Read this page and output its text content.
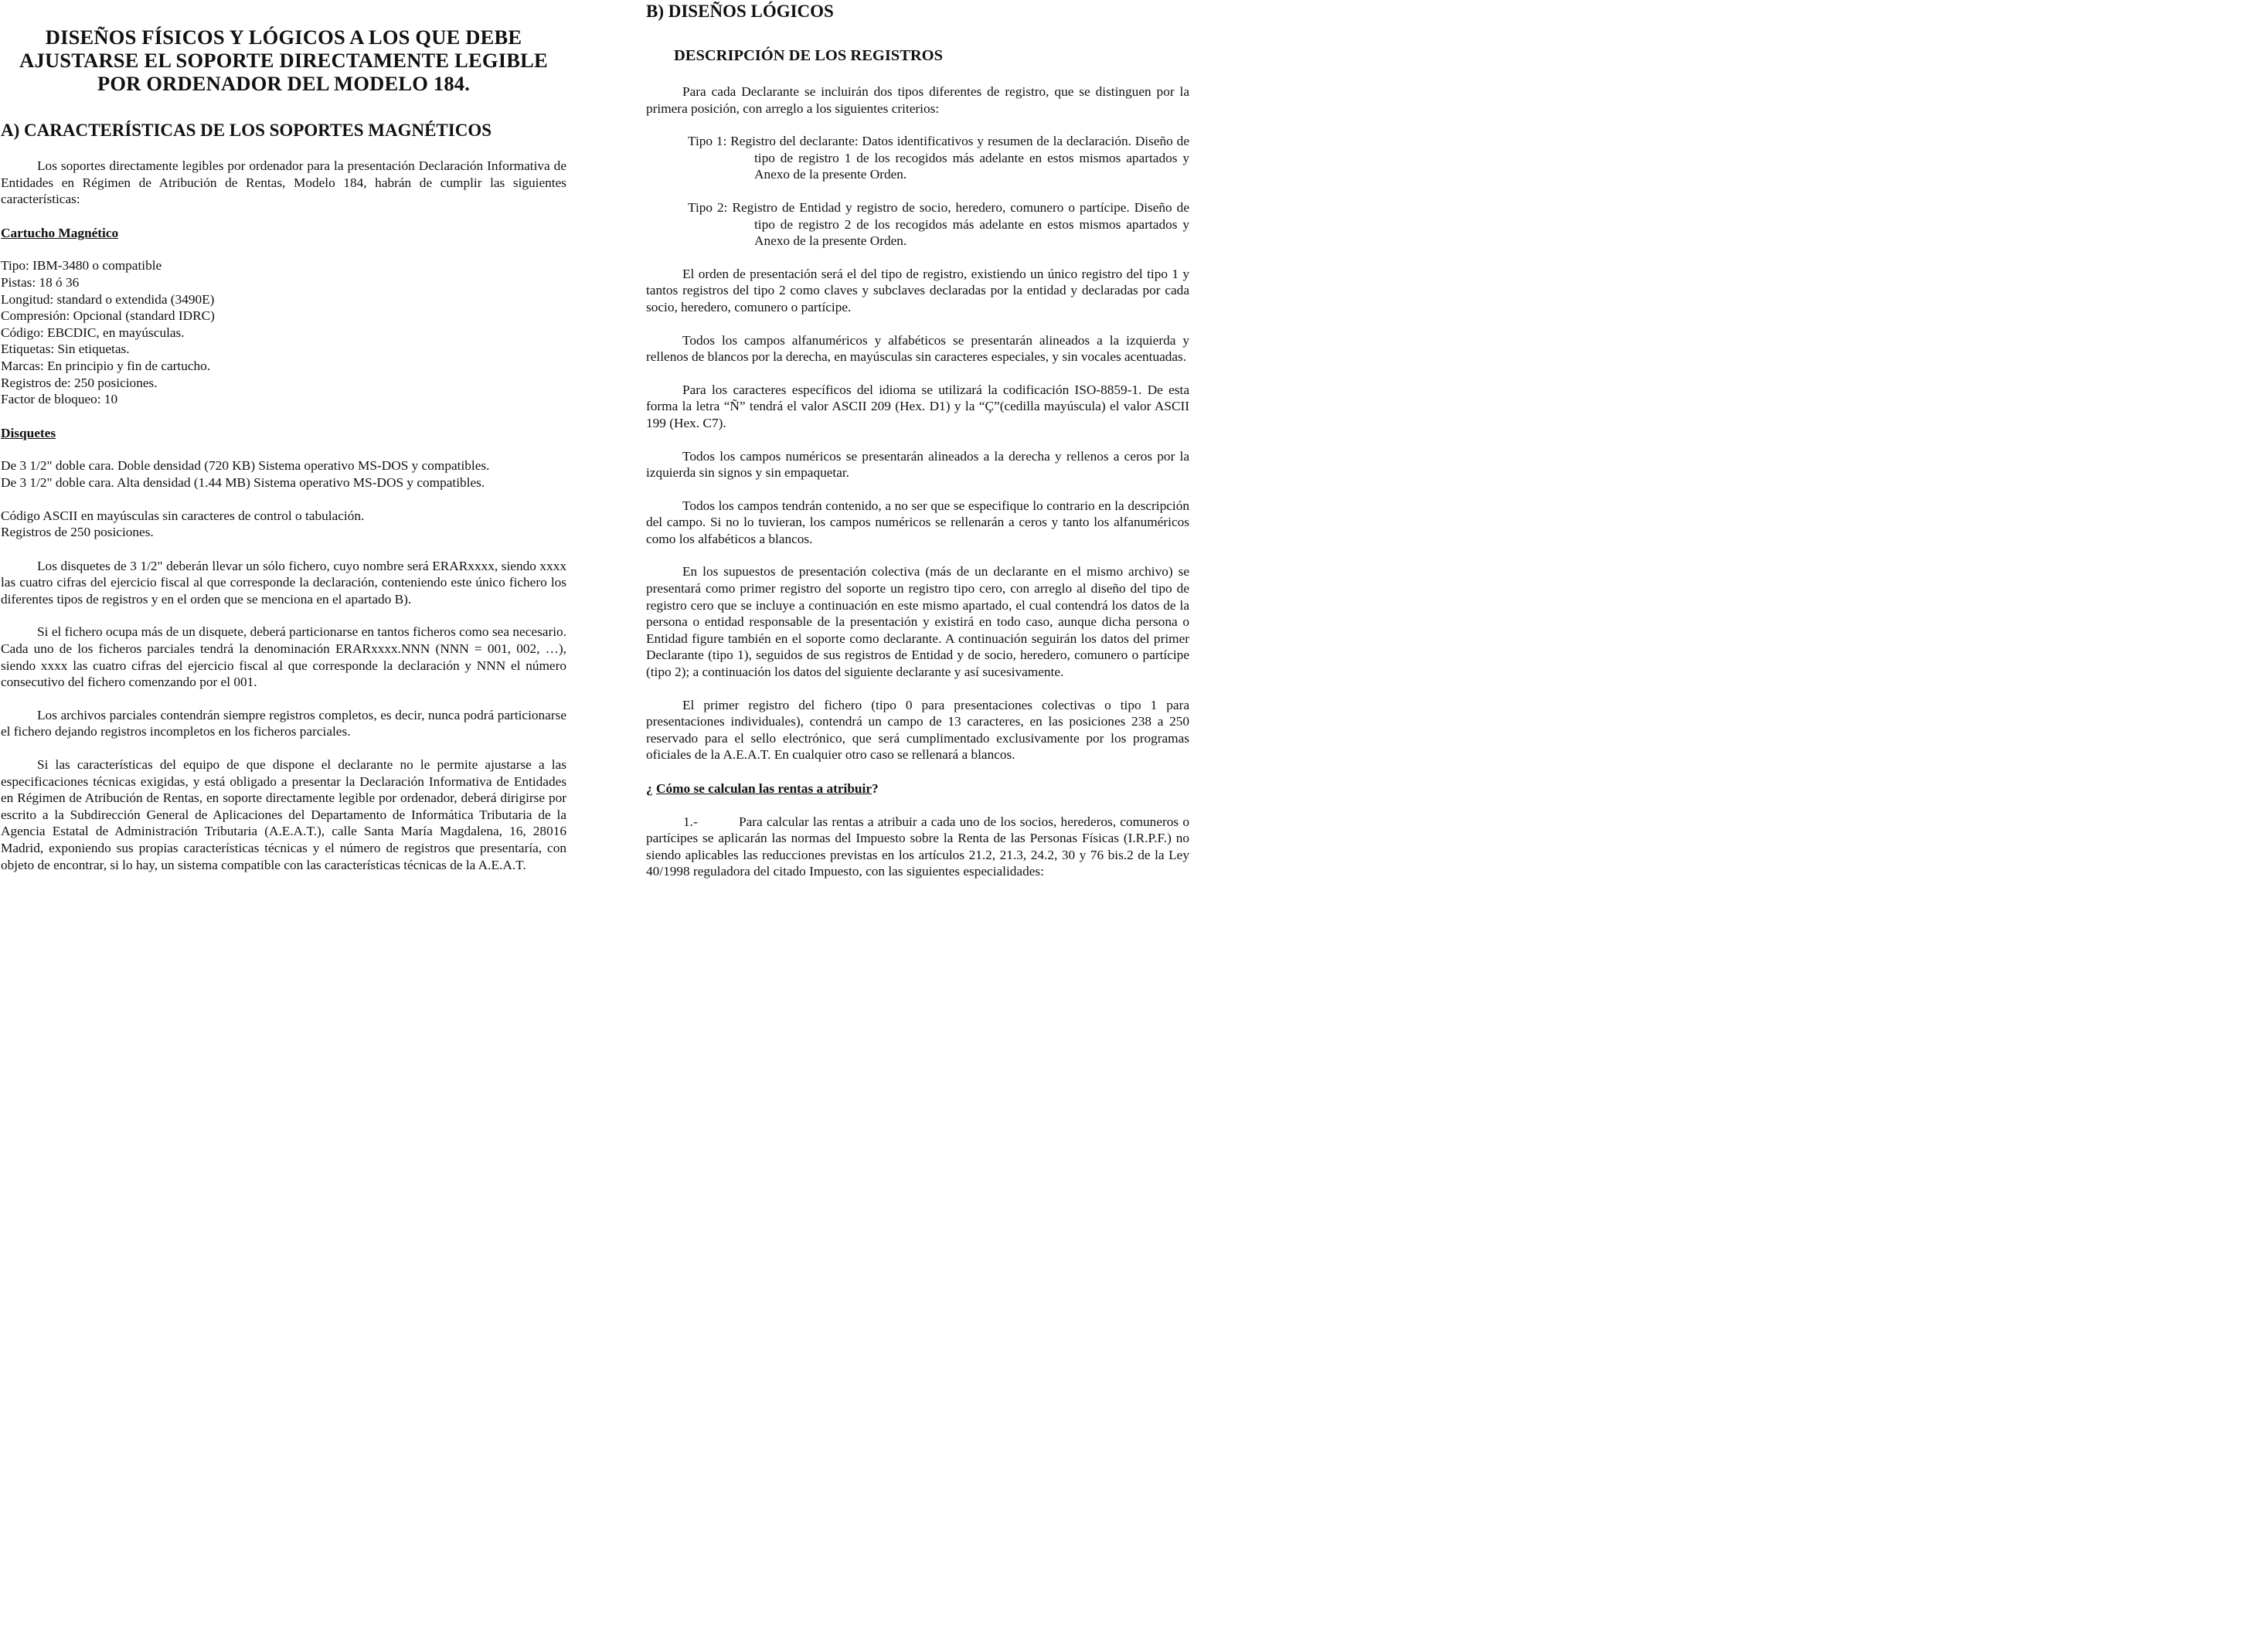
DISEÑOS FÍSICOS Y LÓGICOS A LOS QUE DEBE
AJUSTARSE EL SOPORTE DIRECTAMENTE LEGIBLE
POR ORDENADOR DEL MODELO 184.
A) CARACTERÍSTICAS DE LOS SOPORTES MAGNÉTICOS

Los soportes directamente legibles por ordenador para la presentación Declaración Informativa de Entidades en Régimen de Atribución de Rentas, Modelo 184, habrán de cumplir las siguientes características:

Cartucho Magnético

Tipo: IBM-3480 o compatible
Pistas: 18 ó 36
Longitud: standard o extendida (3490E)
Compresión: Opcional (standard IDRC)
Código: EBCDIC, en mayúsculas.
Etiquetas: Sin etiquetas.
Marcas: En principio y fin de cartucho.
Registros de: 250 posiciones.
Factor de bloqueo: 10

Disquetes

De 3 1/2" doble cara. Doble densidad (720 KB) Sistema operativo MS-DOS y compatibles.
De 3 1/2" doble cara. Alta densidad (1.44 MB) Sistema operativo MS-DOS y compatibles.
Código ASCII en mayúsculas sin caracteres de control o tabulación.
Registros de 250 posiciones.

Los disquetes de 3 1/2" deberán llevar un sólo fichero, cuyo nombre será ERARxxxx, siendo xxxx las cuatro cifras del ejercicio fiscal al que corresponde la declaración, conteniendo este único fichero los diferentes tipos de registros y en el orden que se menciona en el apartado B).

Si el fichero ocupa más de un disquete, deberá particionarse en tantos ficheros como sea necesario. Cada uno de los ficheros parciales tendrá la denominación ERARxxxx.NNN (NNN = 001, 002, …), siendo xxxx las cuatro cifras del ejercicio fiscal al que corresponde la declaración y NNN el número consecutivo del fichero comenzando por el 001.

Los archivos parciales contendrán siempre registros completos, es decir, nunca podrá particionarse el fichero dejando registros incompletos en los ficheros parciales.

Si las características del equipo de que dispone el declarante no le permite ajustarse a las especificaciones técnicas exigidas, y está obligado a presentar la Declaración Informativa de Entidades en Régimen de Atribución de Rentas, en soporte directamente legible por ordenador, deberá dirigirse por escrito a la Subdirección General de Aplicaciones del Departamento de Informática Tributaria de la Agencia Estatal de Administración Tributaria (A.E.A.T.), calle Santa María Magdalena, 16, 28016 Madrid, exponiendo sus propias características técnicas y el número de registros que presentaría, con objeto de encontrar, si lo hay, un sistema compatible con las características técnicas de la A.E.A.T.

B) DISEÑOS LÓGICOS
DESCRIPCIÓN DE LOS REGISTROS

Para cada Declarante se incluirán dos tipos diferentes de registro, que se distinguen por la primera posición, con arreglo a los siguientes criterios:

Tipo 1: Registro del declarante: Datos identificativos y resumen de la declaración. Diseño de tipo de registro 1 de los recogidos más adelante en estos mismos apartados y Anexo de la presente Orden.

Tipo 2: Registro de Entidad y registro de socio, heredero, comunero o partícipe. Diseño de tipo de registro 2 de los recogidos más adelante en estos mismos apartados y Anexo de la presente Orden.

El orden de presentación será el del tipo de registro, existiendo un único registro del tipo 1 y tantos registros del tipo 2 como claves y subclaves declaradas por la entidad y declaradas por cada socio, heredero, comunero o partícipe.

Todos los campos alfanuméricos y alfabéticos se presentarán alineados a la izquierda y rellenos de blancos por la derecha, en mayúsculas sin caracteres especiales, y sin vocales acentuadas.

Para los caracteres específicos del idioma se utilizará la codificación ISO-8859-1. De esta forma la letra “Ñ” tendrá el valor ASCII 209 (Hex. D1) y la “Ç”(cedilla mayúscula) el valor ASCII 199 (Hex. C7).

Todos los campos numéricos se presentarán alineados a la derecha y rellenos a ceros por la izquierda sin signos y sin empaquetar.

Todos los campos tendrán contenido, a no ser que se especifique lo contrario en la descripción del campo. Si no lo tuvieran, los campos numéricos se rellenarán a ceros y tanto los alfanuméricos como los alfabéticos a blancos.

En los supuestos de presentación colectiva (más de un declarante en el mismo archivo) se presentará como primer registro del soporte un registro tipo cero, con arreglo al diseño del tipo de registro cero que se incluye a continuación en este mismo apartado, el cual contendrá los datos de la persona o entidad responsable de la presentación y existirá en todo caso, aunque dicha persona o Entidad figure también en el soporte como declarante. A continuación seguirán los datos del primer Declarante (tipo 1), seguidos de sus registros de Entidad y de socio, heredero, comunero o partícipe (tipo 2); a continuación los datos del siguiente declarante y así sucesivamente.

El primer registro del fichero (tipo 0 para presentaciones colectivas o tipo 1 para presentaciones individuales), contendrá un campo de 13 caracteres, en las posiciones 238 a 250 reservado para el sello electrónico, que será cumplimentado exclusivamente por los programas oficiales de la A.E.A.T. En cualquier otro caso se rellenará a blancos.

¿ Cómo se calculan las rentas a atribuir?

1.-	Para calcular las rentas a atribuir a cada uno de los socios, herederos, comuneros o

partícipes se aplicarán las normas del Impuesto sobre la Renta de las Personas Físicas (I.R.P.F.) no siendo aplicables las reducciones previstas en los artículos 21.2, 21.3, 24.2, 30 y 76 bis.2 de la Ley 40/1998 reguladora del citado Impuesto, con las siguientes especialidades:
